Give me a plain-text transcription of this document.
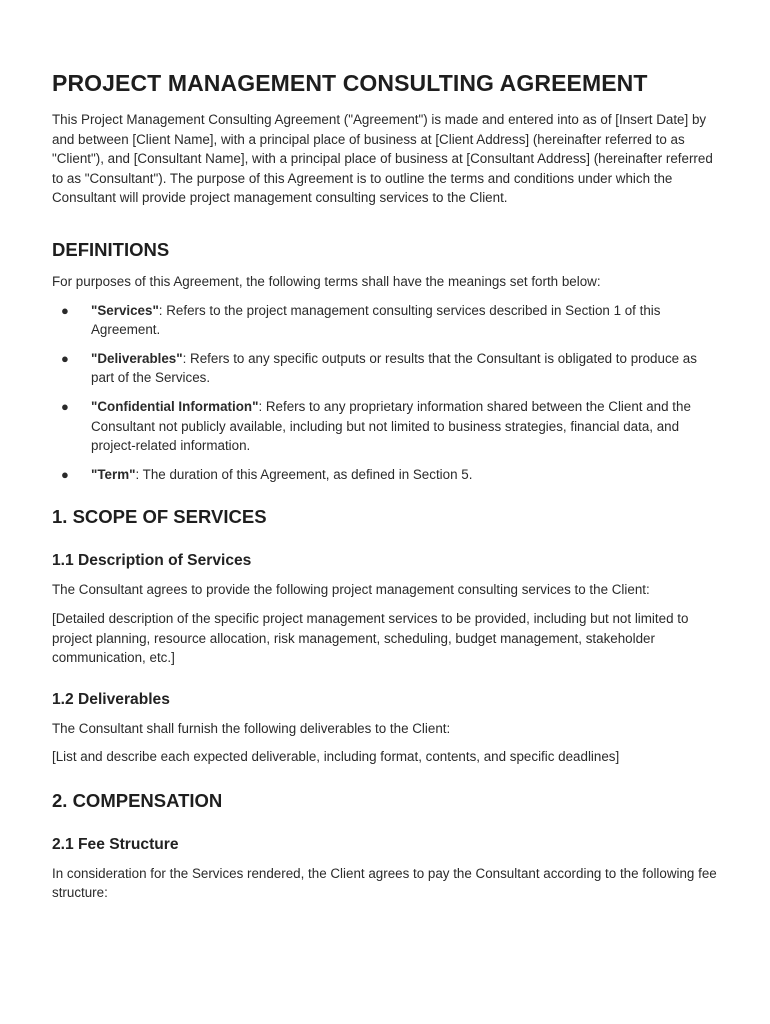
PROJECT MANAGEMENT CONSULTING AGREEMENT

This Project Management Consulting Agreement ("Agreement") is made and entered into as of [Insert Date] by and between [Client Name], with a principal place of business at [Client Address] (hereinafter referred to as "Client"), and [Consultant Name], with a principal place of business at [Consultant Address] (hereinafter referred to as "Consultant"). The purpose of this Agreement is to outline the terms and conditions under which the Consultant will provide project management consulting services to the Client.

DEFINITIONS

For purposes of this Agreement, the following terms shall have the meanings set forth below:

● "Services": Refers to the project management consulting services described in Section 1 of this Agreement.
● "Deliverables": Refers to any specific outputs or results that the Consultant is obligated to produce as part of the Services.
● "Confidential Information": Refers to any proprietary information shared between the Client and the Consultant not publicly available, including but not limited to business strategies, financial data, and project-related information.
● "Term": The duration of this Agreement, as defined in Section 5.
1. SCOPE OF SERVICES
1.1 Description of Services

The Consultant agrees to provide the following project management consulting services to the Client:

[Detailed description of the specific project management services to be provided, including but not limited to project planning, resource allocation, risk management, scheduling, budget management, stakeholder communication, etc.]

1.2 Deliverables

The Consultant shall furnish the following deliverables to the Client:

[List and describe each expected deliverable, including format, contents, and specific deadlines]

2. COMPENSATION
2.1 Fee Structure

In consideration for the Services rendered, the Client agrees to pay the Consultant according to the following fee structure:
